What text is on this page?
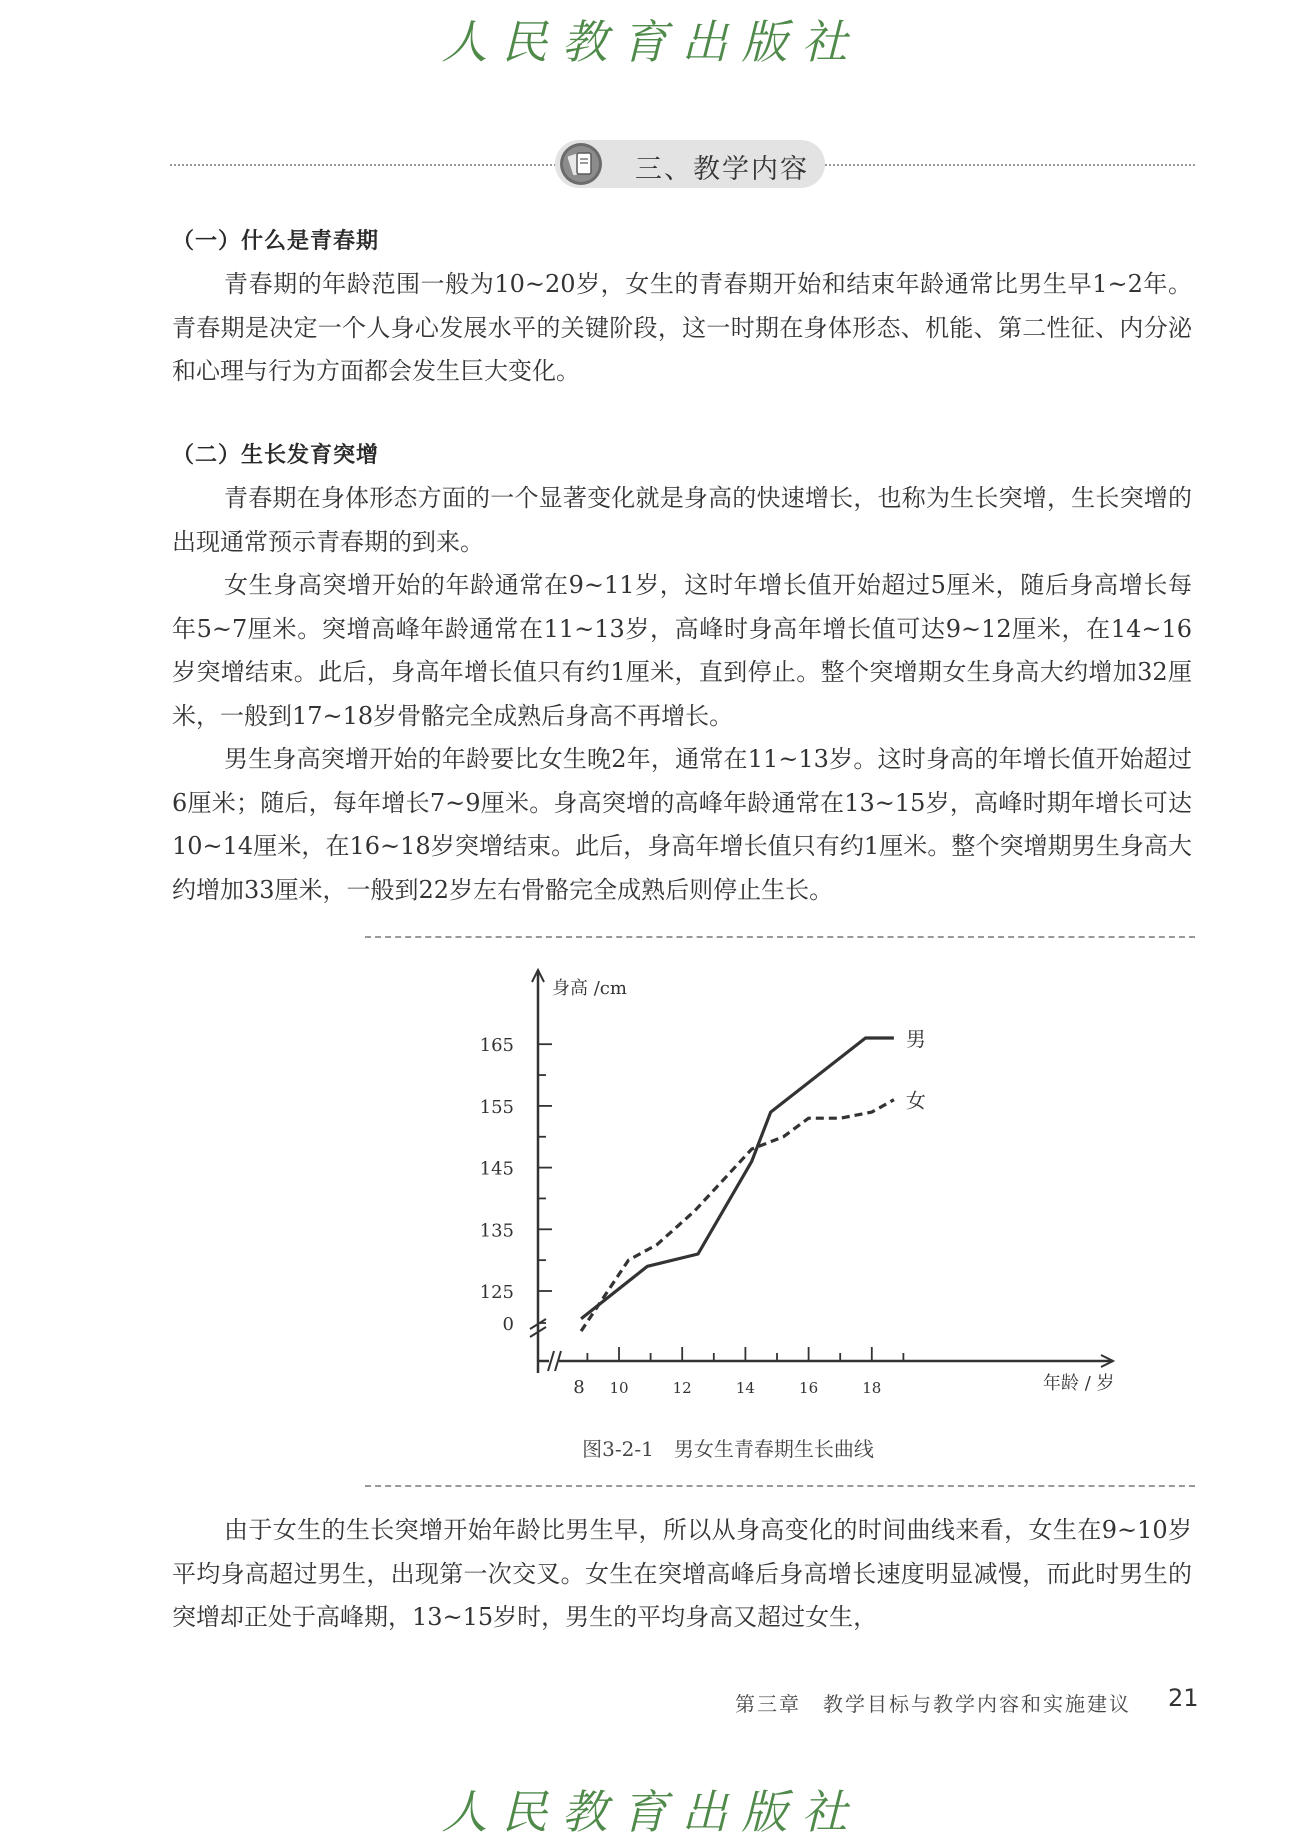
人民教育出版社
三、教学内容
（一）什么是青春期

青春期的年龄范围一般为10~20岁，女生的青春期开始和结束年龄通常比男生早1~2年。青春期是决定一个人身心发展水平的关键阶段，这一时期在身体形态、机能、第二性征、内分泌和心理与行为方面都会发生巨大变化。

（二）生长发育突增

青春期在身体形态方面的一个显著变化就是身高的快速增长，也称为生长突增，生长突增的出现通常预示青春期的到来。

女生身高突增开始的年龄通常在9~11岁，这时年增长值开始超过5厘米，随后身高增长每年5~7厘米。突增高峰年龄通常在11~13岁，高峰时身高年增长值可达9~12厘米，在14~16岁突增结束。此后，身高年增长值只有约1厘米，直到停止。整个突增期女生身高大约增加32厘米，一般到17~18岁骨骼完全成熟后身高不再增长。

男生身高突增开始的年龄要比女生晚2年，通常在11~13岁。这时身高的年增长值开始超过6厘米；随后，每年增长7~9厘米。身高突增的高峰年龄通常在13~15岁，高峰时期年增长可达10~14厘米，在16~18岁突增结束。此后，身高年增长值只有约1厘米。整个突增期男生身高大约增加33厘米，一般到22岁左右骨骼完全成熟后则停止生长。

0
125
135
145
155
165
8 10	12	14	16	18
身高 /cm
年龄 / 岁
男
女
图3-2-1　男女生青春期生长曲线

由于女生的生长突增开始年龄比男生早，所以从身高变化的时间曲线来看，女生在9~10岁平均身高超过男生，出现第一次交叉。女生在突增高峰后身高增长速度明显减慢，而此时男生的突增却正处于高峰期，13~15岁时，男生的平均身高又超过女生，

第三章　教学目标与教学内容和实施建议 21
人民教育出版社
